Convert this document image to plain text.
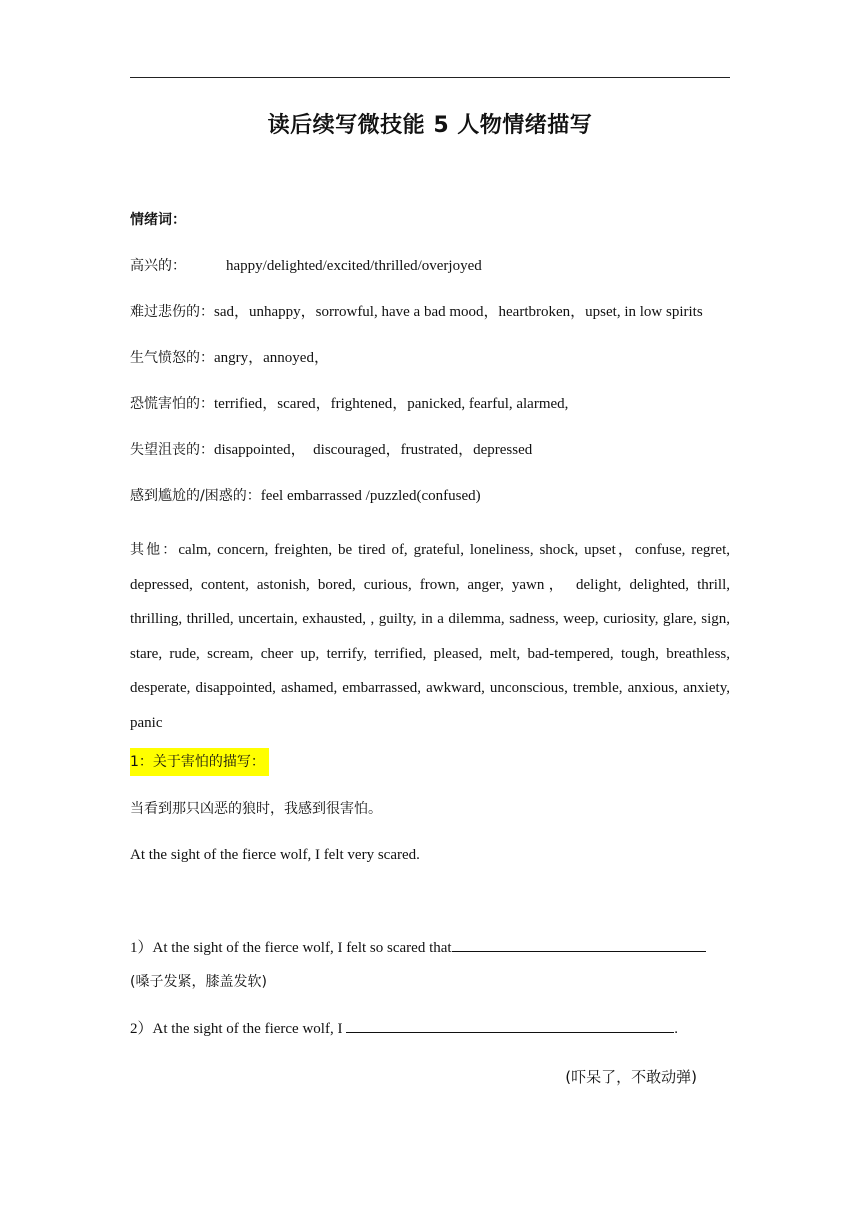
读后续写微技能 5 人物情绪描写
情绪词：
高兴的：	happy/delighted/excited/thrilled/overjoyed
难过悲伤的：sad，unhappy，sorrowful, have a bad mood，heartbroken，upset, in low spirits
生气愤怒的：angry，annoyed，
恐慌害怕的：terrified，scared，frightened，panicked, fearful, alarmed,
失望沮丧的：disappointed，  discouraged，frustrated，depressed
感到尴尬的/困惑的：feel embarrassed /puzzled(confused)
其他：calm, concern, freighten, be tired of, grateful, loneliness, shock, upset，confuse, regret, depressed, content, astonish, bored, curious, frown, anger, yawn， delight, delighted, thrill, thrilling, thrilled, uncertain, exhausted, , guilty, in a dilemma, sadness, weep, curiosity, glare, sign, stare, rude, scream, cheer up, terrify, terrified, pleased, melt, bad-tempered, tough, breathless, desperate, disappointed, ashamed, embarrassed, awkward, unconscious, tremble, anxious, anxiety, panic
1：关于害怕的描写：
当看到那只凶恶的狼时，我感到很害怕。
At the sight of the fierce wolf, I felt very scared.
1）At the sight of the fierce wolf, I felt so scared that
(嗓子发紧，膝盖发软)
2）At the sight of the fierce wolf, I	.
(吓呆了，不敢动弹)
